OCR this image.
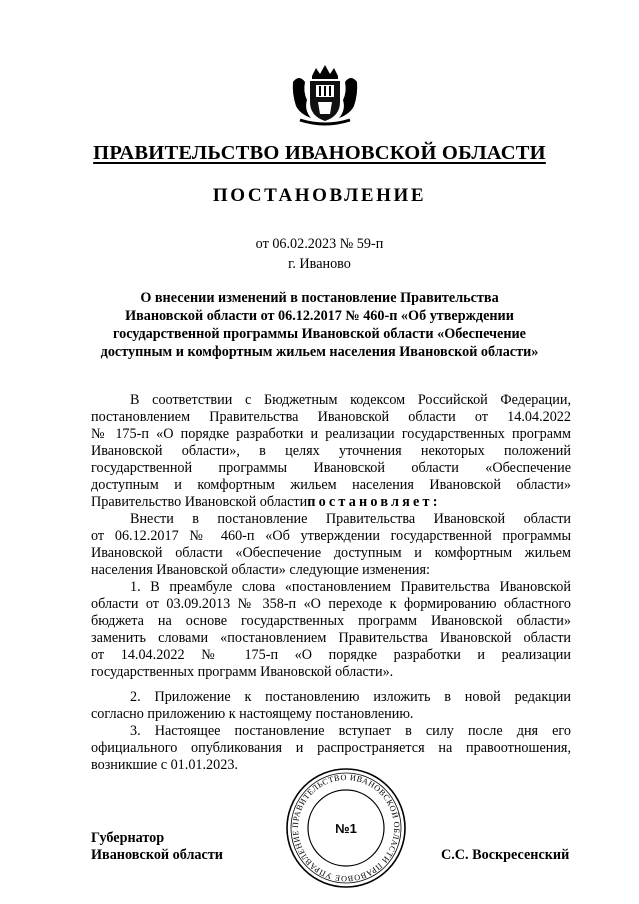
ПРАВИТЕЛЬСТВО ИВАНОВСКОЙ ОБЛАСТИ
ПОСТАНОВЛЕНИЕ
от 06.02.2023 № 59-п
г. Иваново
О внесении изменений в постановление Правительства
Ивановской области от 06.12.2017 № 460-п «Об утверждении
государственной программы Ивановской области «Обеспечение
доступным и комфортным жильем населения Ивановской области»
В соответствии с Бюджетным кодексом Российской Федерации,
постановлением Правительства Ивановской области от 14.04.2022
№ 175-п «О порядке разработки и реализации государственных программ
Ивановской области», в целях уточнения некоторых положений
государственной программы Ивановской области «Обеспечение
доступным и комфортным жильем населения Ивановской области»
Правительство Ивановской областипостановляет:
Внести в постановление Правительства Ивановской области
от 06.12.2017 № 460-п «Об утверждении государственной программы
Ивановской области «Обеспечение доступным и комфортным жильем
населения Ивановской области» следующие изменения:
1. В преамбуле слова «постановлением Правительства Ивановской
области от 03.09.2013 № 358-п «О переходе к формированию областного
бюджета на основе государственных программ Ивановской области»
заменить словами «постановлением Правительства Ивановской области
от 14.04.2022 № 175-п «О порядке разработки и реализации
государственных программ Ивановской области».
2. Приложение к постановлению изложить в новой редакции
согласно приложению к настоящему постановлению.
3. Настоящее постановление вступает в силу после дня его
официального опубликования и распространяется на правоотношения,
возникшие с 01.01.2023.
ПРАВИТЕЛЬСТВО ИВАНОВСКОЙ ОБЛАСТИ ПРАВОВОЕ УПРАВЛЕНИЕ	№1
Губернатор
Ивановской области	С.С. Воскресенский
